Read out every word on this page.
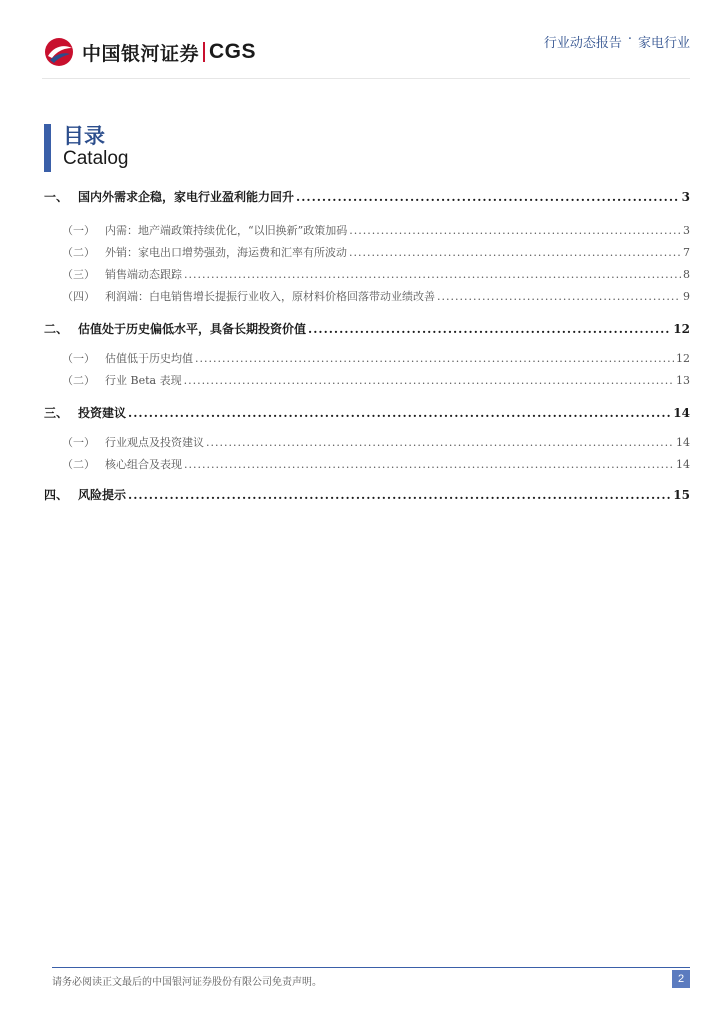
中国银河证券 CGS	行业动态报告 · 家电行业
目录
Catalog
一、 国内外需求企稳，家电行业盈利能力回升 .....	3
（一） 内需：地产端政策持续优化，“以旧换新”政策加码 .....	3
（二） 外销：家电出口增势强劲，海运费和汇率有所波动 .....	7
（三） 销售端动态跟踪 .....	8
（四） 利润端：白电销售增长提振行业收入，原材料价格回落带动业绩改善 .....	9
二、 估值处于历史偏低水平，具备长期投资价值 .....	12
（一） 估值低于历史均值 .....	12
（二） 行业 Beta 表现 .....	13
三、 投资建议 .....	14
（一） 行业观点及投资建议 .....	14
（二） 核心组合及表现 .....	14
四、 风险提示 .....	15
请务必阅读正文最后的中国银河证券股份有限公司免责声明。	2
